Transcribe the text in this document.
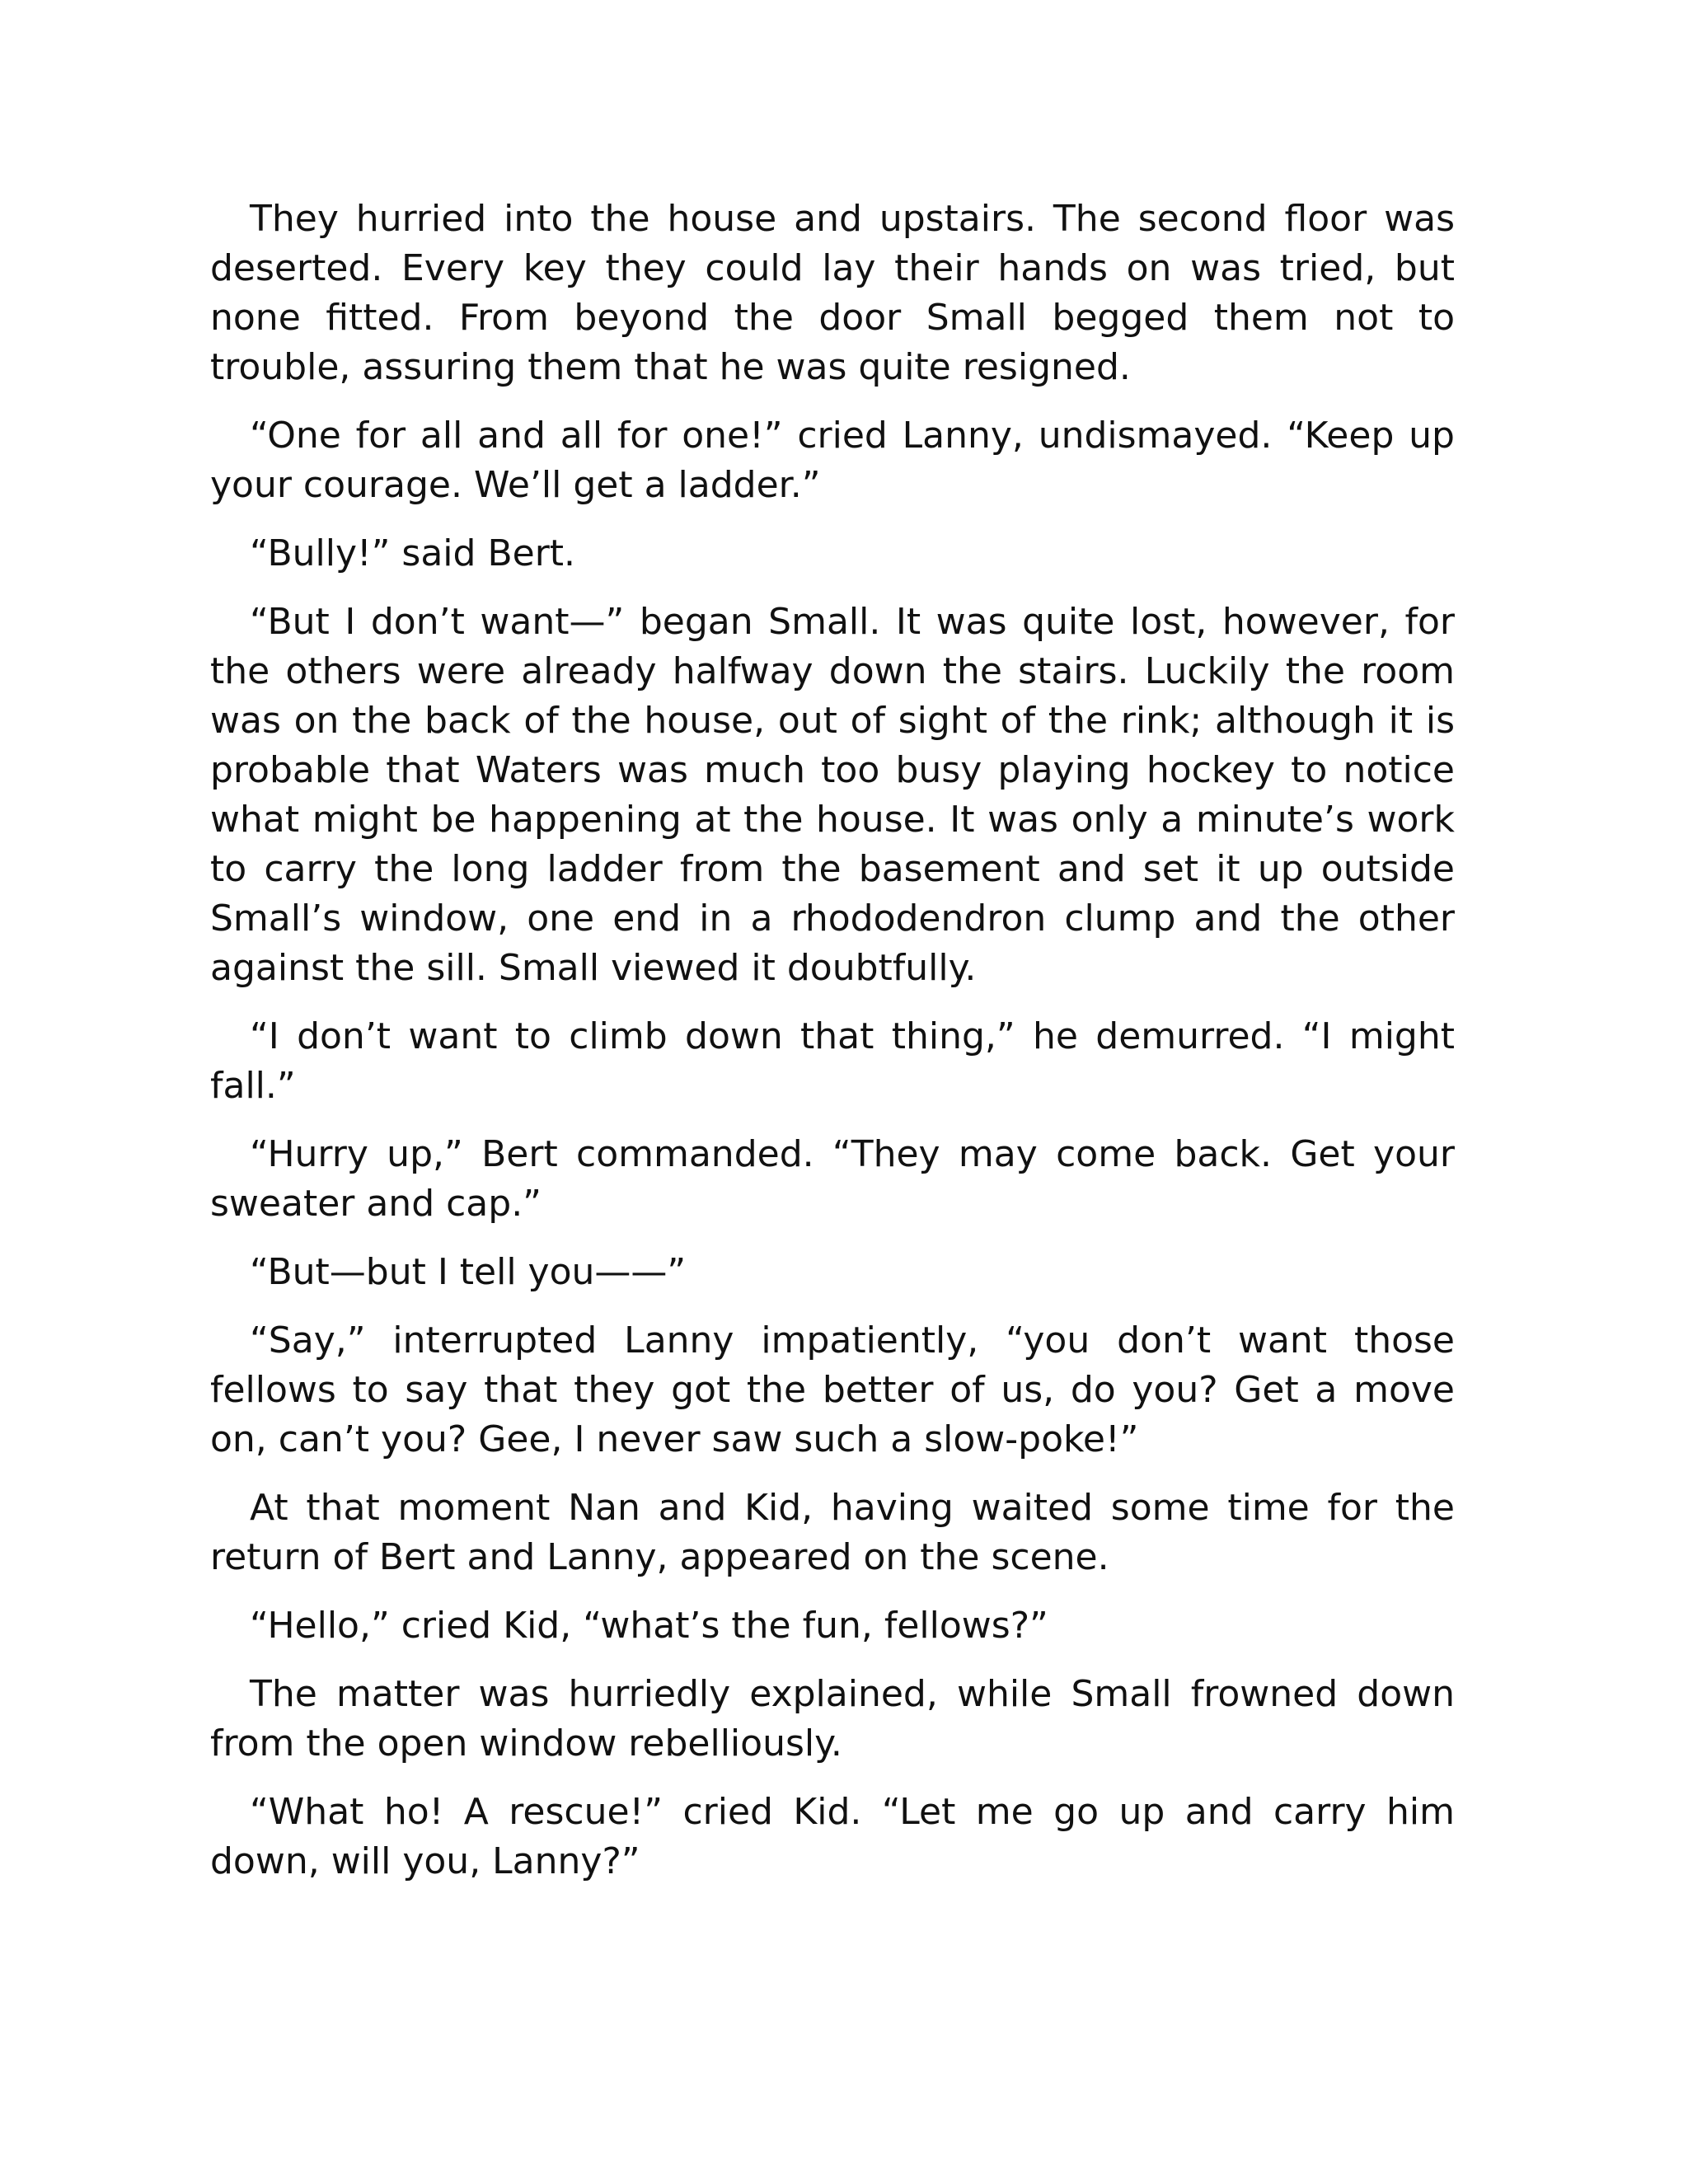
They hurried into the house and upstairs. The second floor was deserted. Every key they could lay their hands on was tried, but none fitted. From beyond the door Small begged them not to trouble, assuring them that he was quite resigned.

“One for all and all for one!” cried Lanny, undismayed. “Keep up your courage. We’ll get a ladder.”

“Bully!” said Bert.

“But I don’t want—” began Small. It was quite lost, however, for the others were already halfway down the stairs. Luckily the room was on the back of the house, out of sight of the rink; although it is probable that Waters was much too busy playing hockey to notice what might be happening at the house. It was only a minute’s work to carry the long ladder from the basement and set it up outside Small’s window, one end in a rhododendron clump and the other against the sill. Small viewed it doubtfully.

“I don’t want to climb down that thing,” he demurred. “I might fall.”

“Hurry up,” Bert commanded. “They may come back. Get your sweater and cap.”

“But—but I tell you——”

“Say,” interrupted Lanny impatiently, “you don’t want those fellows to say that they got the better of us, do you? Get a move on, can’t you? Gee, I never saw such a slow-poke!”

At that moment Nan and Kid, having waited some time for the return of Bert and Lanny, appeared on the scene.

“Hello,” cried Kid, “what’s the fun, fellows?”

The matter was hurriedly explained, while Small frowned down from the open window rebelliously.

“What ho! A rescue!” cried Kid. “Let me go up and carry him down, will you, Lanny?”
